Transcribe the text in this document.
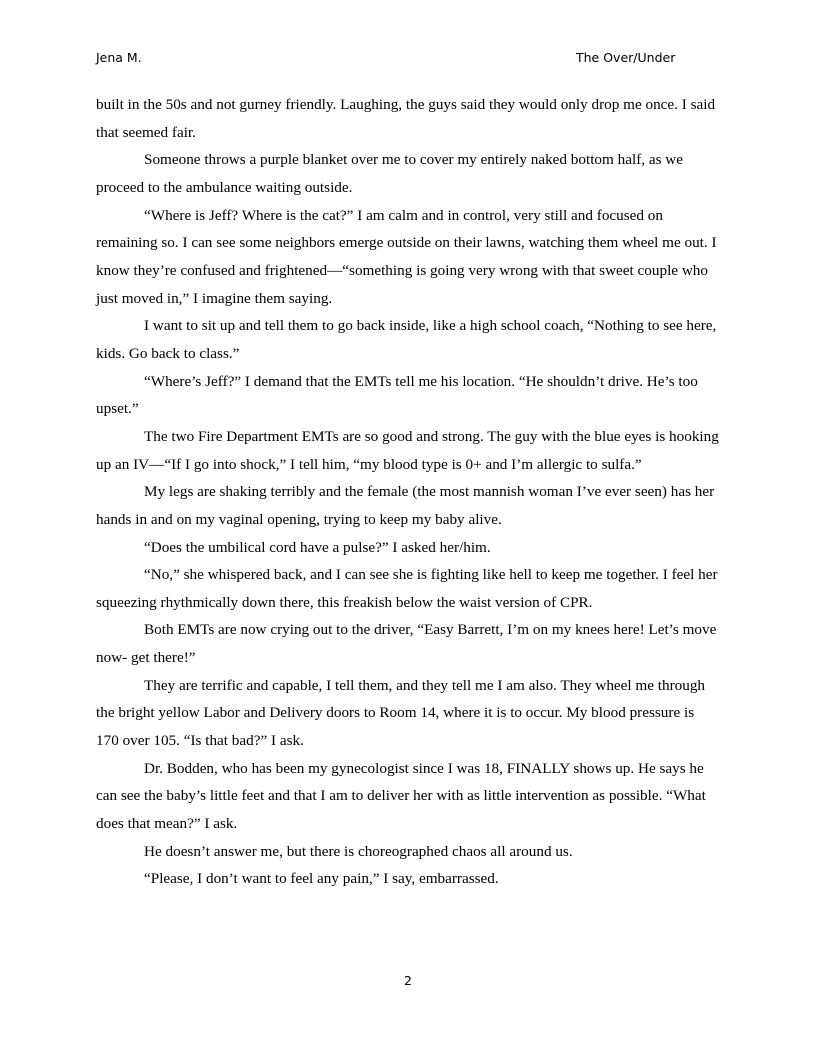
Jena M.	The Over/Under

built in the 50s and not gurney friendly. Laughing, the guys said they would only drop me once. I said that seemed fair.

Someone throws a purple blanket over me to cover my entirely naked bottom half, as we proceed to the ambulance waiting outside.

“Where is Jeff? Where is the cat?” I am calm and in control, very still and focused on remaining so. I can see some neighbors emerge outside on their lawns, watching them wheel me out. I know they’re confused and frightened—“something is going very wrong with that sweet couple who just moved in,” I imagine them saying.

I want to sit up and tell them to go back inside, like a high school coach, “Nothing to see here, kids. Go back to class.”

“Where’s Jeff?” I demand that the EMTs tell me his location. “He shouldn’t drive. He’s too upset.”

The two Fire Department EMTs are so good and strong. The guy with the blue eyes is hooking up an IV—“If I go into shock,” I tell him, “my blood type is 0+ and I’m allergic to sulfa.”

My legs are shaking terribly and the female (the most mannish woman I’ve ever seen) has her hands in and on my vaginal opening, trying to keep my baby alive.

“Does the umbilical cord have a pulse?” I asked her/him.

“No,” she whispered back, and I can see she is fighting like hell to keep me together. I feel her squeezing rhythmically down there, this freakish below the waist version of CPR.

Both EMTs are now crying out to the driver, “Easy Barrett, I’m on my knees here! Let’s move now- get there!”

They are terrific and capable, I tell them, and they tell me I am also. They wheel me through the bright yellow Labor and Delivery doors to Room 14, where it is to occur. My blood pressure is 170 over 105. “Is that bad?” I ask.

Dr. Bodden, who has been my gynecologist since I was 18, FINALLY shows up. He says he can see the baby’s little feet and that I am to deliver her with as little intervention as possible. “What does that mean?” I ask.

He doesn’t answer me, but there is choreographed chaos all around us.

“Please, I don’t want to feel any pain,” I say, embarrassed.

2
